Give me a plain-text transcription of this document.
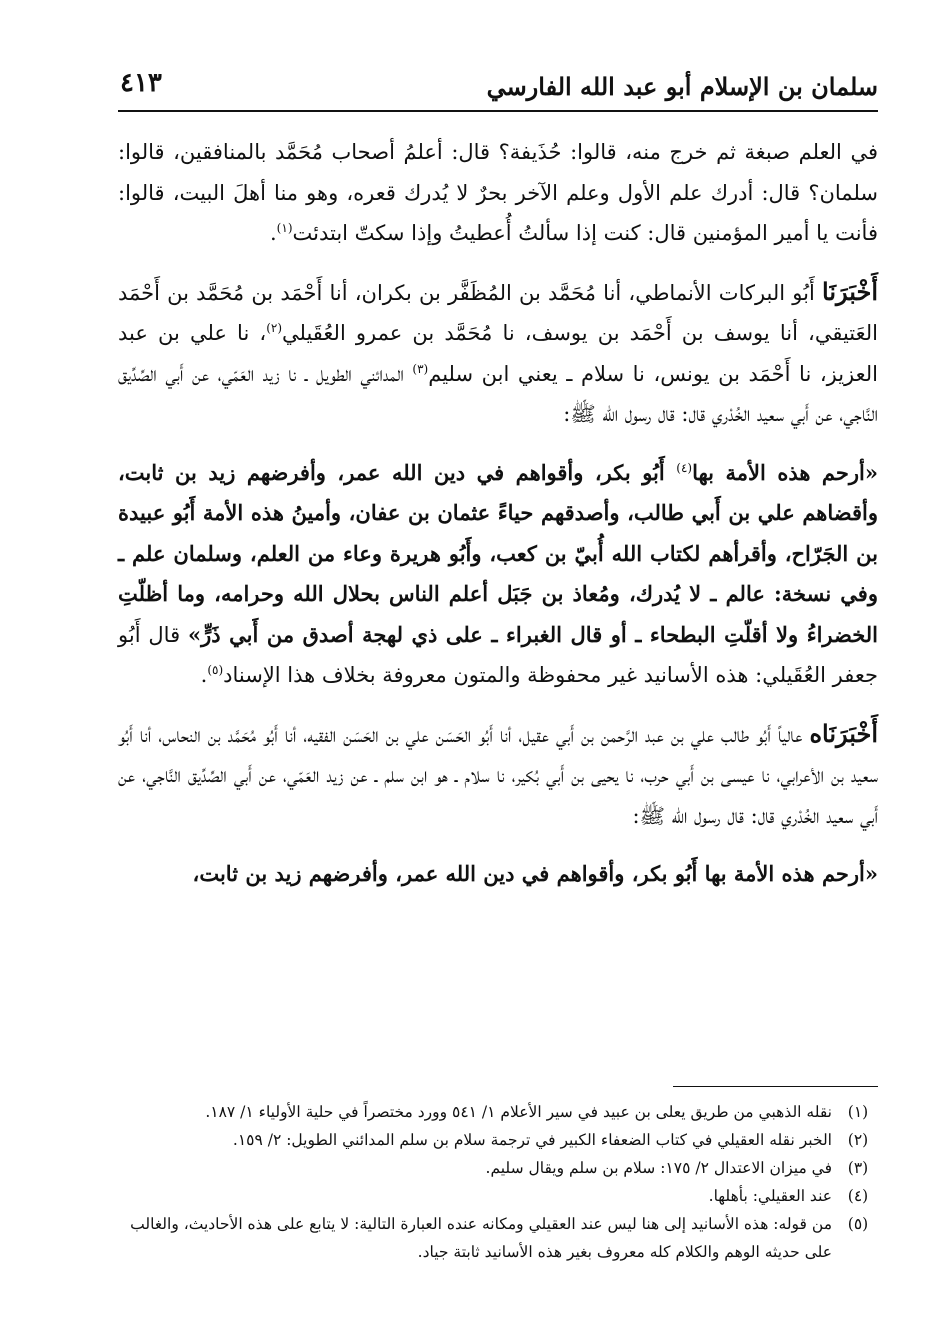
سلمان بن الإسلام أبو عبد الله الفارسي
٤١٣

في العلم صبغة ثم خرج منه، قالوا: حُذَيفة؟ قال: أعلمُ أصحاب مُحَمَّد بالمنافقين، قالوا: سلمان؟ قال: أدرك علم الأول وعلم الآخر بحرٌ لا يُدرك قعره، وهو منا أهلَ البيت، قالوا: فأنت يا أمير المؤمنين قال: كنت إذا سألتُ أُعطيتُ وإذا سكتّ ابتدئت$^{(١)}$.

أَخْبَرَنَا أَبُو البركات الأنماطي، أنا مُحَمَّد بن المُظَفَّر بن بكران، أنا أَحْمَد بن مُحَمَّد بن أَحْمَد العَتيقي، أنا يوسف بن أَحْمَد بن يوسف، نا مُحَمَّد بن عمرو العُقَيلي$^{(٢)}$، نا علي بن عبد العزيز، نا أَحْمَد بن يونس، نا سلام ـ يعني ابن سليم$^{(٣)}$ المدائني الطويل ـ نا زيد العَمّي، عن أَبي الصِّدِّيق النَّاجي، عن أَبي سعيد الخُدْري قال: قال رسول الله ﷺ:

«أرحم هذه الأمة بها$^{(٤)}$ أَبُو بكر، وأقواهم في دين الله عمر، وأفرضهم زيد بن ثابت، وأقضاهم علي بن أَبي طالب، وأصدقهم حياءً عثمان بن عفان، وأمينُ هذه الأمة أَبُو عبيدة بن الجَرّاح، وأقرأهم لكتاب الله أُبيّ بن كعب، وأَبُو هريرة وعاء من العلم، وسلمان علم ـ وفي نسخة: عالم ـ لا يُدرك، ومُعاذ بن جَبَل أعلم الناس بحلال الله وحرامه، وما أظلّتِ الخضراءُ ولا أقلّتِ البطحاء ـ أو قال الغبراء ـ على ذي لهجة أصدق من أَبي ذَرٍّ» قال أَبُو جعفر العُقَيلي: هذه الأسانيد غير محفوظة والمتون معروفة بخلاف هذا الإسناد$^{(٥)}$.

أَخْبَرَنَاه عالياً أَبُو طالب علي بن عبد الرَّحمن بن أَبي عقيل، أنا أَبُو الحَسَن علي بن الحَسَن الفقيه، أنا أَبُو مُحَمَّد بن النحاس، أنا أَبُو سعيد بن الأعرابي، نا عيسى بن أَبي حرب، نا يحيى بن أَبي بُكير، نا سلام ـ هو ابن سلم ـ عن زيد العَمّي، عن أَبي الصِّدِّيق النَّاجي، عن أَبي سعيد الخُدْري قال: قال رسول الله ﷺ:

«أرحم هذه الأمة بها أَبُو بكر، وأقواهم في دين الله عمر، وأفرضهم زيد بن ثابت،

(١)
نقله الذهبي من طريق يعلى بن عبيد في سير الأعلام ١/ ٥٤١ وورد مختصراً في حلية الأولياء ١/ ١٨٧.

(٢)
الخبر نقله العقيلي في كتاب الضعفاء الكبير في ترجمة سلام بن سلم المدائني الطويل: ٢/ ١٥٩.

(٣)
في ميزان الاعتدال ٢/ ١٧٥: سلام بن سلم ويقال سليم.

(٤)
عند العقيلي: بأهلها.

(٥)
من قوله: هذه الأسانيد إلى هنا ليس عند العقيلي ومكانه عنده العبارة التالية: لا يتابع على هذه الأحاديث، والغالب على حديثه الوهم والكلام كله معروف بغير هذه الأسانيد ثابتة جياد.
